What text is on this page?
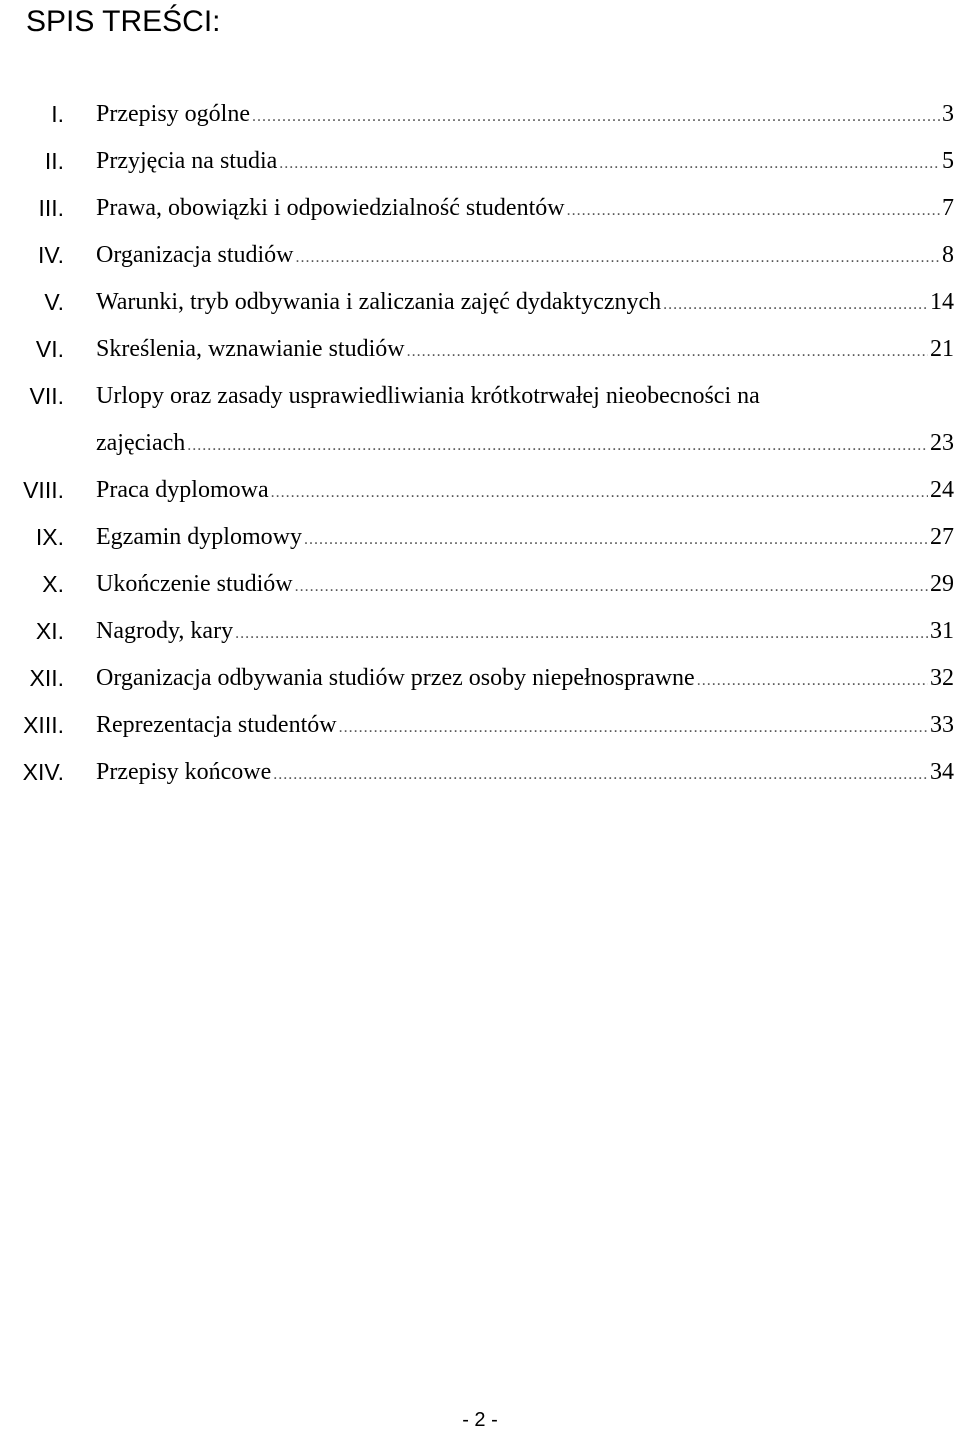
SPIS TREŚCI:
I. Przepisy ogólne .....	3
II. Przyjęcia na studia .....	5
III. Prawa, obowiązki i odpowiedzialność studentów .....	7
IV. Organizacja studiów .....	8
V. Warunki, tryb odbywania i zaliczania zajęć dydaktycznych .....	14
VI. Skreślenia, wznawianie studiów .....	21
VII. Urlopy oraz zasady usprawiedliwiania krótkotrwałej nieobecności na
zajęciach .....	23
VIII. Praca dyplomowa .....	24
IX. Egzamin dyplomowy .....	27
X. Ukończenie studiów .....	29
XI. Nagrody, kary .....	31
XII. Organizacja odbywania studiów przez osoby niepełnosprawne .....	32
XIII. Reprezentacja studentów .....	33
XIV. Przepisy końcowe .....	34
- 2 -
